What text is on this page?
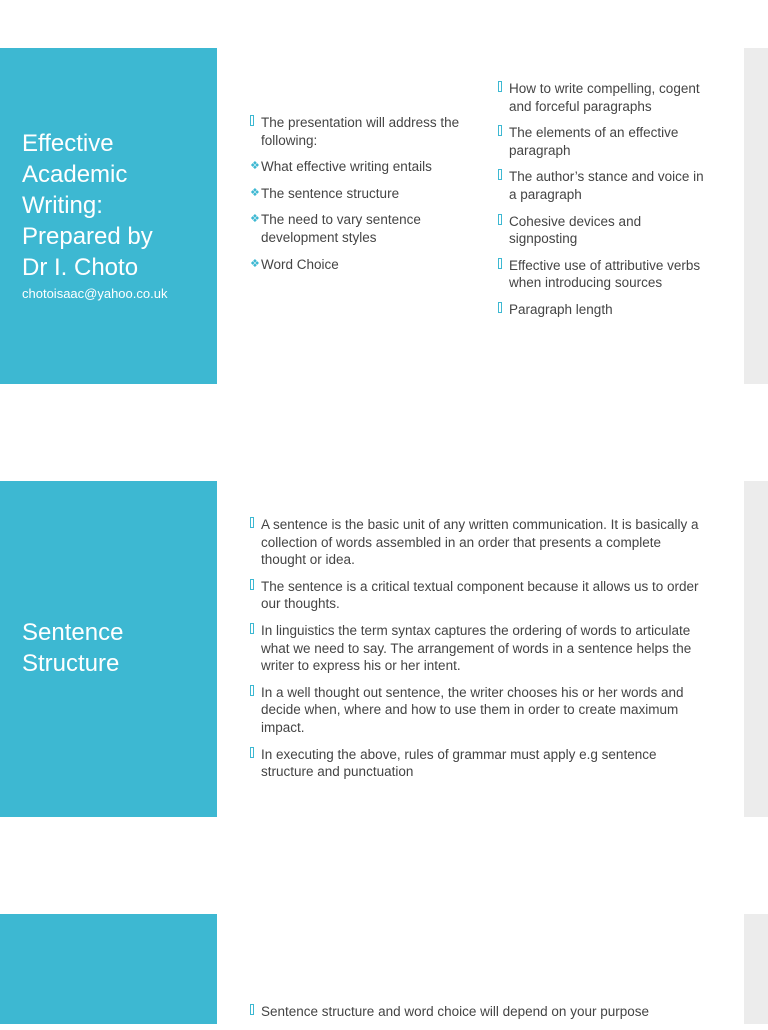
Effective
Academic
Writing:
Prepared by
Dr I. Choto
chotoisaac@yahoo.co.uk
The presentation will address the following:
❖ What effective writing entails
❖ The sentence structure
❖ The need to vary sentence development styles
❖ Word Choice
How to write compelling, cogent and forceful paragraphs
The elements of an effective paragraph
The author’s stance and voice in a paragraph
Cohesive devices and signposting
Effective use of attributive verbs when introducing sources
Paragraph length
Sentence
Structure
A sentence is the basic unit of any written communication. It is basically a collection of words assembled in an order that presents a complete thought or idea.
The sentence is a critical textual component because it allows us to order our thoughts.
In linguistics the term syntax captures the ordering of words to articulate what we need to say. The arrangement of words in a sentence helps the writer to express his or her intent.
In a well thought out sentence, the writer chooses his or her words and decide when, where and how to use them in order to create maximum impact.
In executing the above, rules of grammar must apply e.g sentence structure and punctuation
Sentence structure and word choice will depend on your purpose
